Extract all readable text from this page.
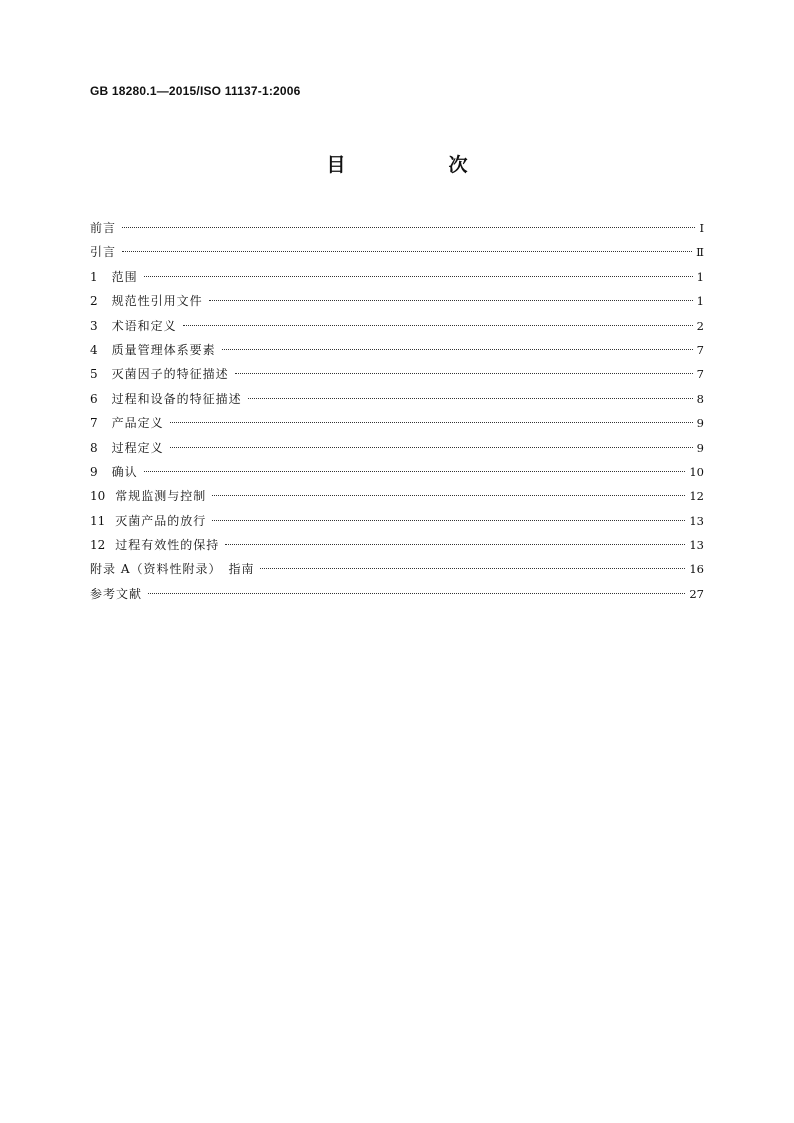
GB 18280.1—2015/ISO 11137-1:2006
目　次
前言	Ⅰ
引言	Ⅱ
1 范围	1
2 规范性引用文件	1
3 术语和定义	2
4 质量管理体系要素	7
5 灭菌因子的特征描述	7
6 过程和设备的特征描述	8
7 产品定义	9
8 过程定义	9
9 确认	10
10 常规监测与控制	12
11 灭菌产品的放行	13
12 过程有效性的保持	13
附录 A（资料性附录）　指南	16
参考文献	27
